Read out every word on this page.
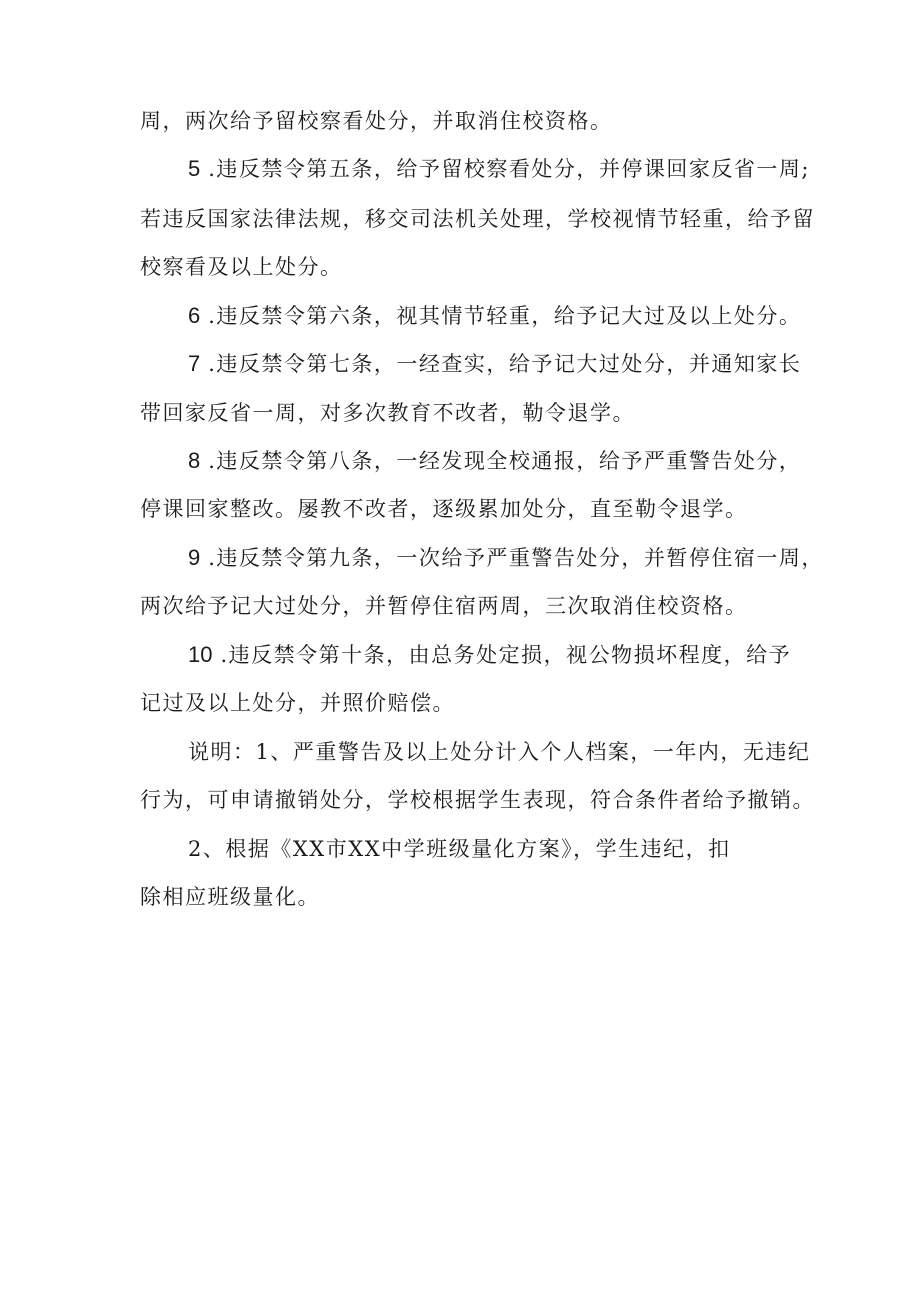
周，两次给予留校察看处分，并取消住校资格。
5 .违反禁令第五条，给予留校察看处分，并停课回家反省一周;
若违反国家法律法规，移交司法机关处理，学校视情节轻重，给予留
校察看及以上处分。
6 .违反禁令第六条，视其情节轻重，给予记大过及以上处分。
7 .违反禁令第七条，一经查实，给予记大过处分，并通知家长
带回家反省一周，对多次教育不改者，勒令退学。
8 .违反禁令第八条，一经发现全校通报，给予严重警告处分，
停课回家整改。屡教不改者，逐级累加处分，直至勒令退学。
9 .违反禁令第九条，一次给予严重警告处分，并暂停住宿一周，
两次给予记大过处分，并暂停住宿两周，三次取消住校资格。
10 .违反禁令第十条，由总务处定损，视公物损坏程度，给予
记过及以上处分，并照价赔偿。
说明：1、严重警告及以上处分计入个人档案，一年内，无违纪
行为，可申请撤销处分，学校根据学生表现，符合条件者给予撤销。
2、根据《XX市XX中学班级量化方案》，学生违纪，扣
除相应班级量化。
